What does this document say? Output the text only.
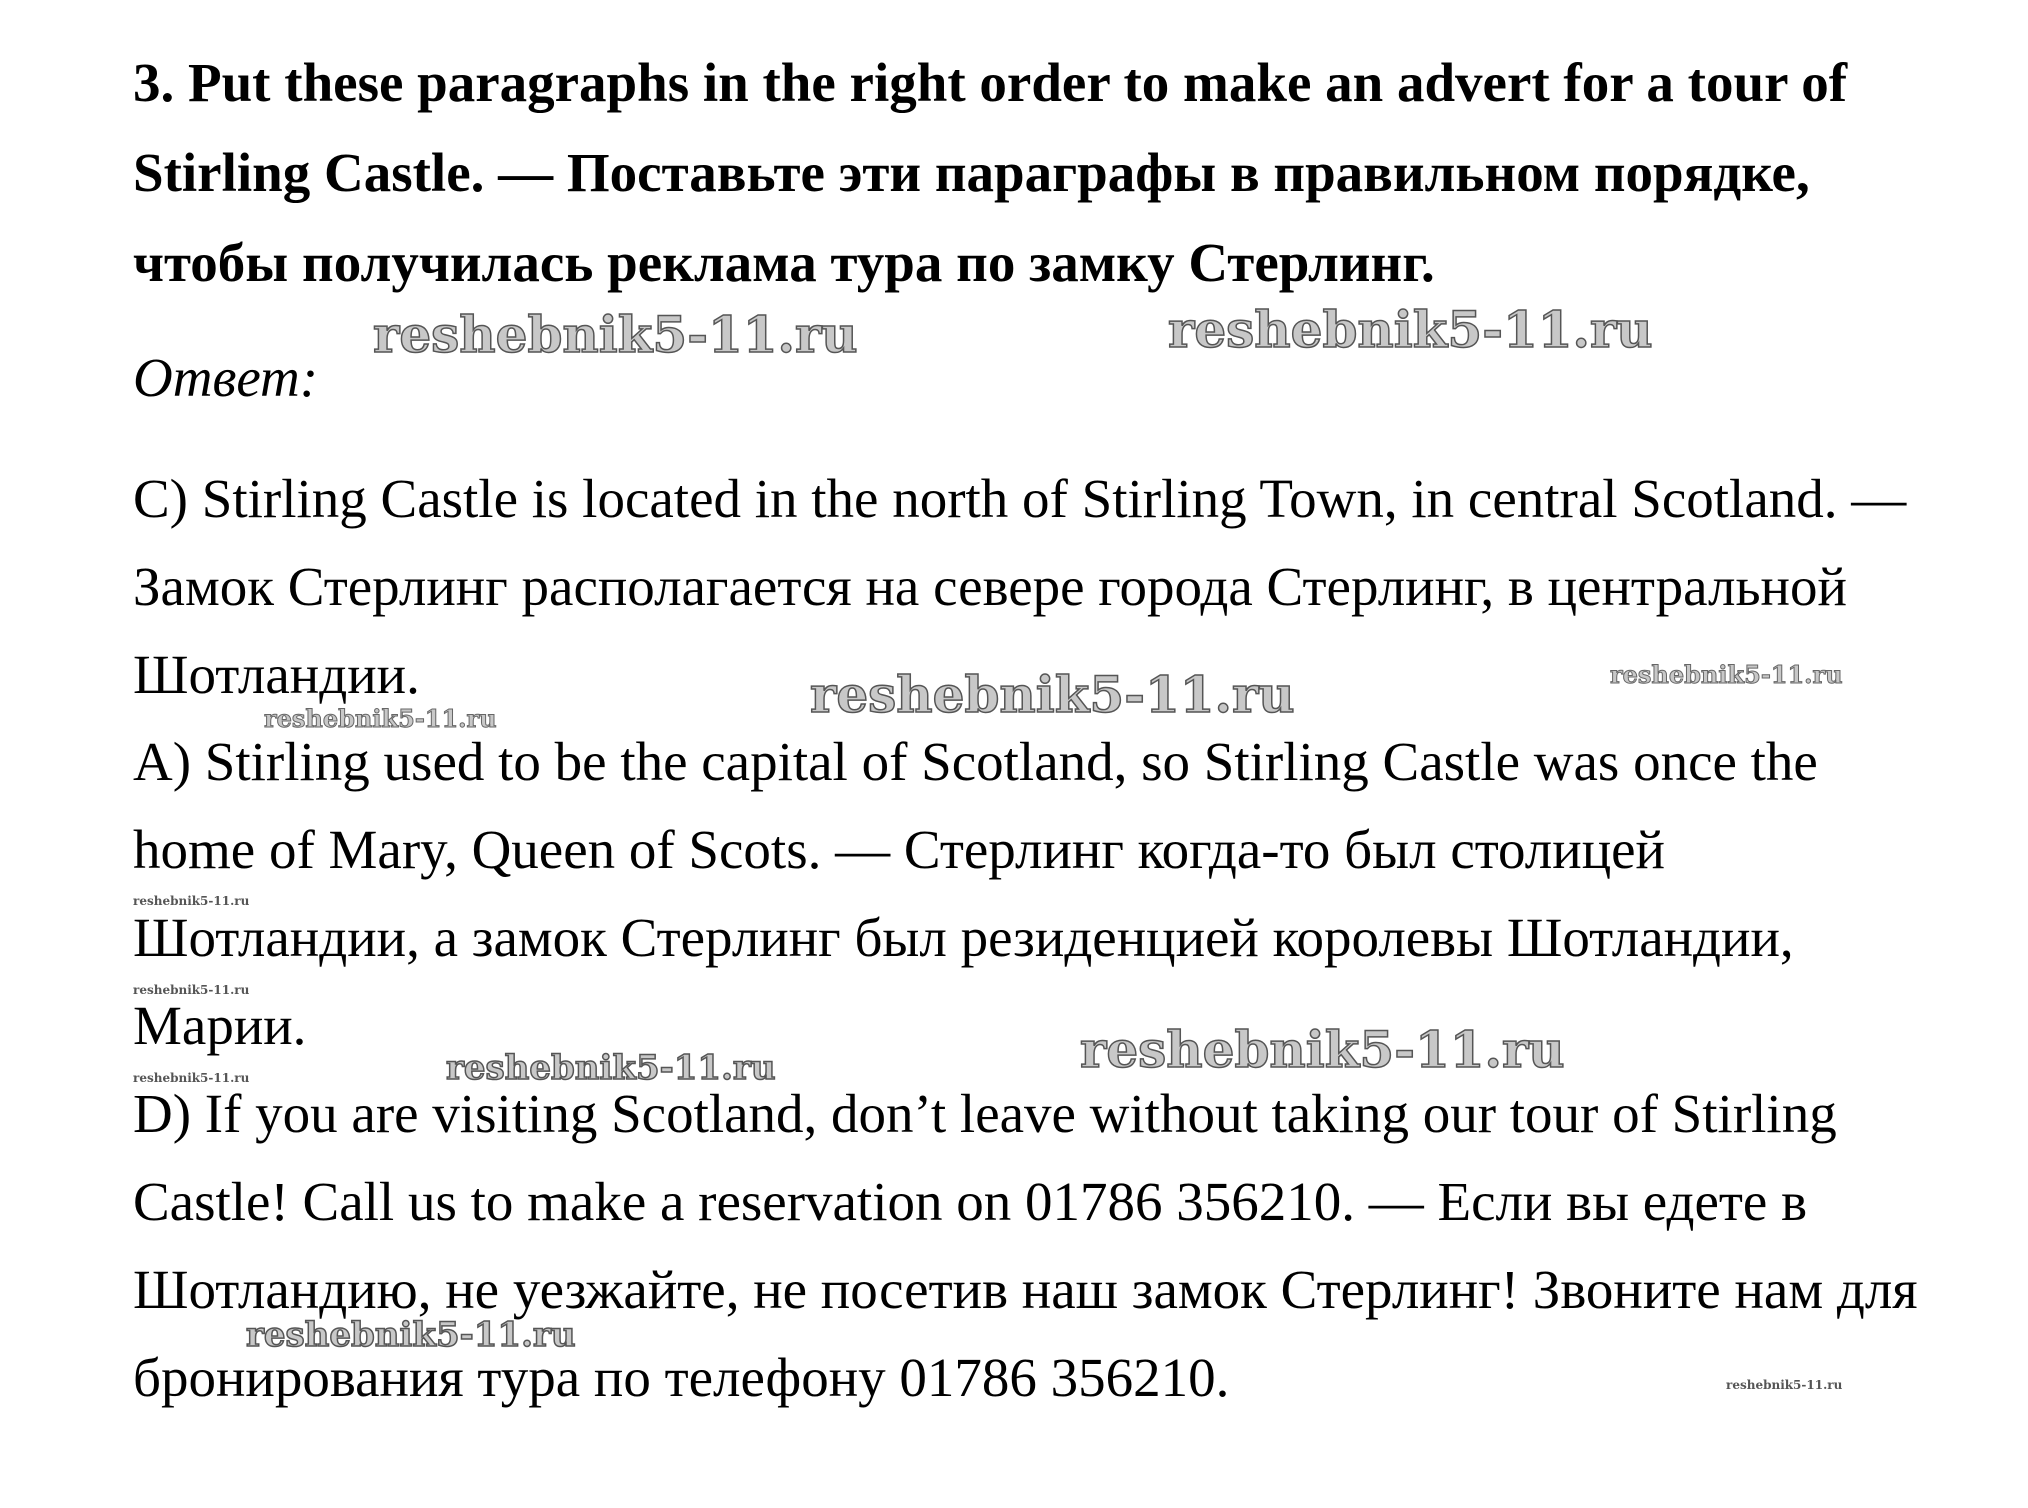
3. Put these paragraphs in the right order to make an advert for a tour of Stirling Castle. — Поставьте эти параграфы в правильном порядке, чтобы получилась реклама тура по замку Стерлинг.

Ответ:

C) Stirling Castle is located in the north of Stirling Town, in central Scotland. — Замок Стерлинг располагается на севере города Стерлинг, в центральной Шотландии.

A) Stirling used to be the capital of Scotland, so Stirling Castle was once the home of Mary, Queen of Scots. — Стерлинг когда-то был столицей Шотландии, а замок Стерлинг был резиденцией королевы Шотландии, Марии.

D) If you are visiting Scotland, don’t leave without taking our tour of Stirling Castle! Call us to make a reservation on 01786 356210. — Если вы едете в Шотландию, не уезжайте, не посетив наш замок Стерлинг! Звоните нам для бронирования тура по телефону 01786 356210.

reshebnik5-11.ru	reshebnik5-11.ru
reshebnik5-11.ru	reshebnik5-11.ru
reshebnik5-11.ru
reshebnik5-11.ru
reshebnik5-11.ru
reshebnik5-11.ru
reshebnik5-11.ru
reshebnik5-11.ru
reshebnik5-11.ru
reshebnik5-11.ru
